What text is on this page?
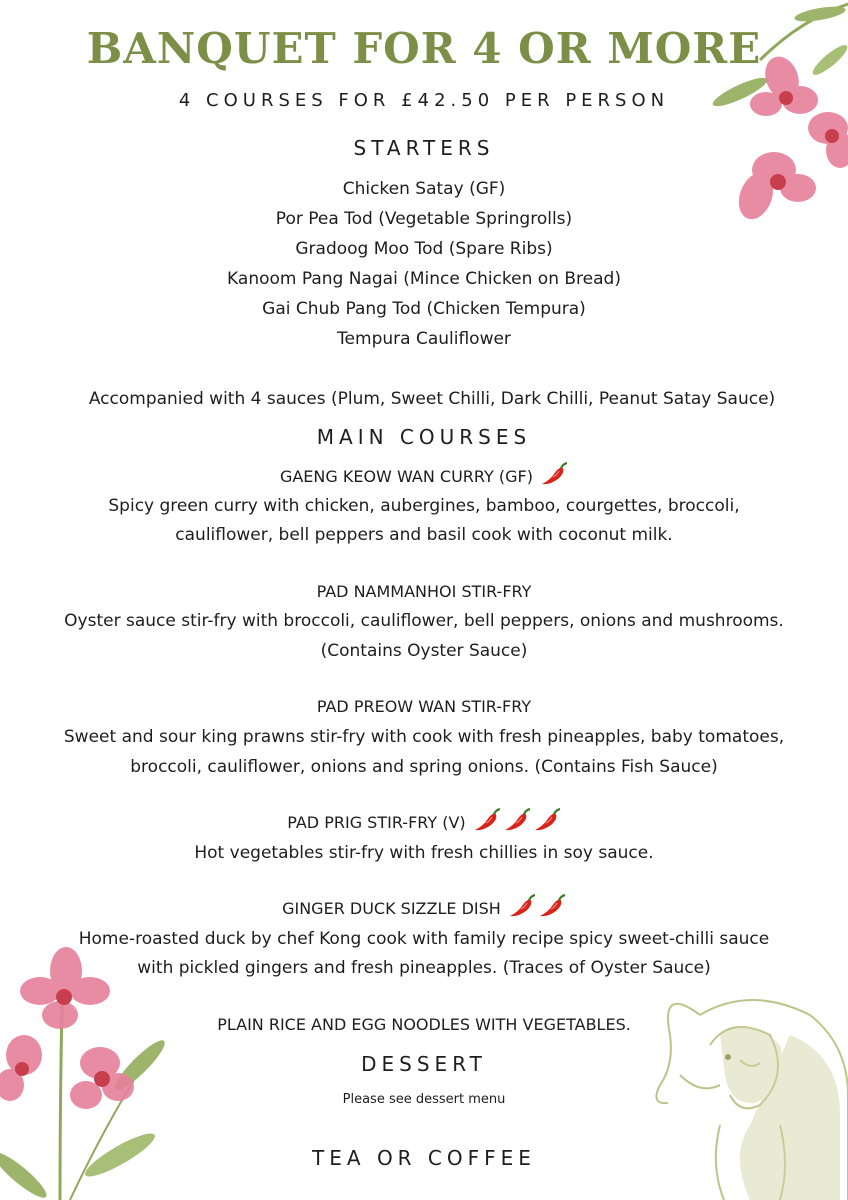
BANQUET FOR 4 OR MORE

4 COURSES FOR £42.50 PER PERSON

STARTERS

Chicken Satay (GF)

Por Pea Tod (Vegetable Springrolls)

Gradoog Moo Tod (Spare Ribs)

Kanoom Pang Nagai (Mince Chicken on Bread)

Gai Chub Pang Tod (Chicken Tempura)

Tempura Cauliflower

Accompanied with 4 sauces (Plum, Sweet Chilli, Dark Chilli, Peanut Satay Sauce)

MAIN COURSES

GAENG KEOW WAN CURRY (GF)

Spicy green curry with chicken, aubergines, bamboo, courgettes, broccoli,

cauliflower, bell peppers and basil cook with coconut milk.

PAD NAMMANHOI STIR-FRY

Oyster sauce stir-fry with broccoli, cauliflower, bell peppers, onions and mushrooms.

(Contains Oyster Sauce)

PAD PREOW WAN STIR-FRY

Sweet and sour king prawns stir-fry with cook with fresh pineapples, baby tomatoes,

broccoli, cauliflower, onions and spring onions. (Contains Fish Sauce)

PAD PRIG STIR-FRY (V)

Hot vegetables stir-fry with fresh chillies in soy sauce.

GINGER DUCK SIZZLE DISH

Home-roasted duck by chef Kong cook with family recipe spicy sweet-chilli sauce

with pickled gingers and fresh pineapples. (Traces of Oyster Sauce)

PLAIN RICE AND EGG NOODLES WITH VEGETABLES.

DESSERT

Please see dessert menu

TEA OR COFFEE
